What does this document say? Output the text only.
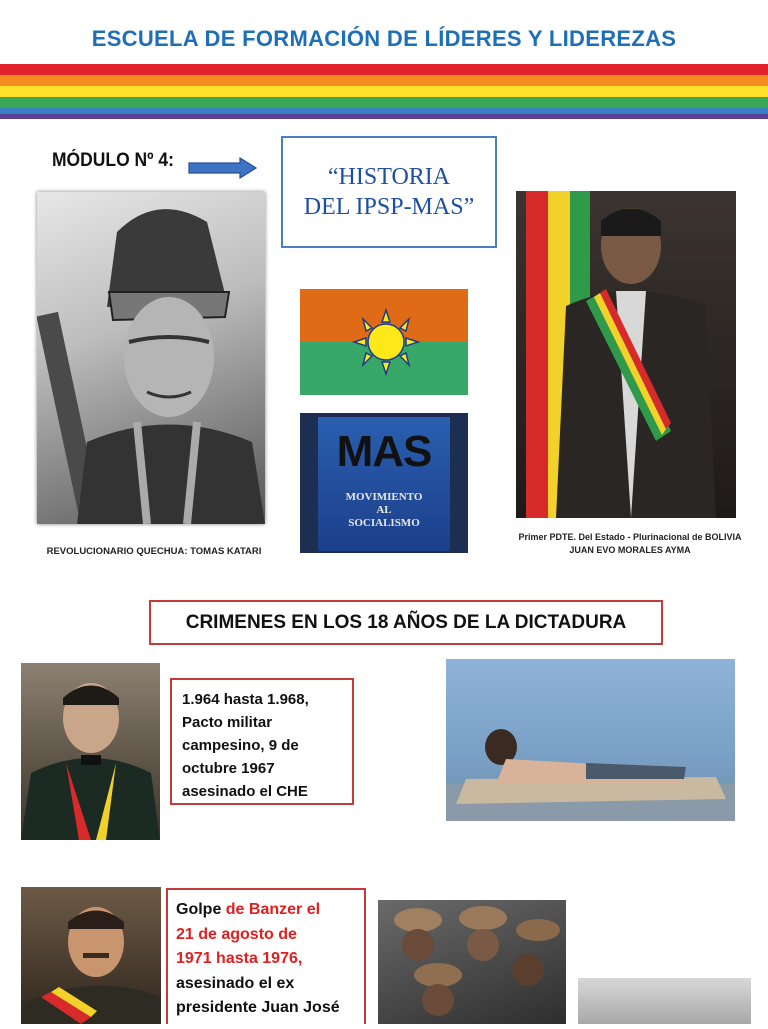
ESCUELA DE FORMACIÓN DE LÍDERES Y LIDEREZAS
MÓDULO Nº 4:
“HISTORIA
DEL IPSP-MAS”
REVOLUCIONARIO QUECHUA: TOMAS KATARI
MAS
MOVIMIENTO
AL
SOCIALISMO
Primer PDTE. Del Estado - Plurinacional de BOLIVIA
JUAN EVO MORALES AYMA
CRIMENES EN LOS 18 AÑOS DE LA DICTADURA
1.964 hasta 1.968,
Pacto militar
campesino, 9 de
octubre 1967
asesinado el CHE
Golpe de Banzer el
21 de agosto de
1971 hasta 1976,
asesinado el ex
presidente Juan José
